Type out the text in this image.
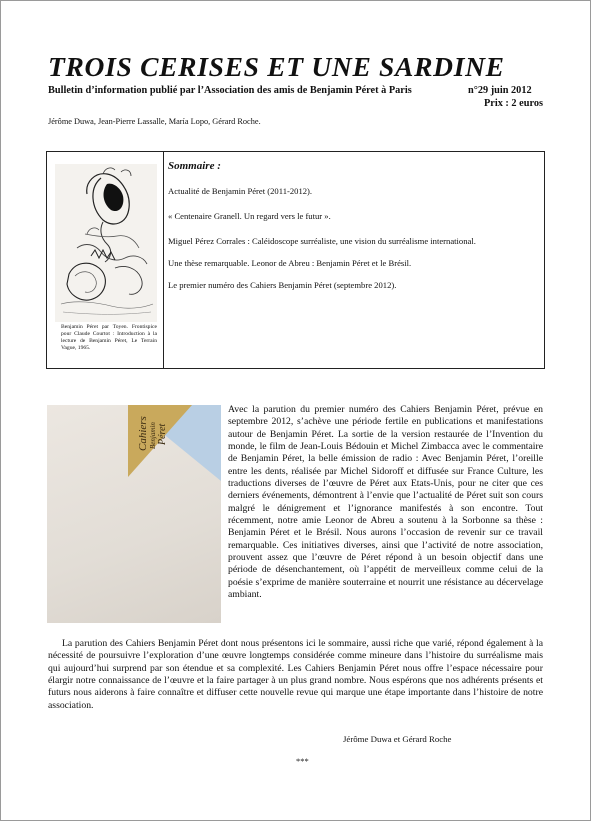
TROIS CERISES ET UNE SARDINE
Bulletin d’information publié par l’Association des amis de Benjamin Péret à Paris	n°29 juin 2012
Prix : 2 euros
Jérôme Duwa, Jean-Pierre Lassalle, María Lopo, Gérard Roche.
Benjamin Péret par Toyen. Frontispice pour Claude Courtot : Introduction à la lecture de Benjamin Péret, Le Terrain Vague, 1965.
Sommaire :
Actualité de Benjamin Péret (2011-2012).
« Centenaire Granell. Un regard vers le futur ».
Miguel Pérez Corrales : Caléidoscope surréaliste, une vision du surréalisme international.
Une thèse remarquable. Leonor de Abreu : Benjamin Péret et le Brésil.
Le premier numéro des Cahiers Benjamin Péret (septembre 2012).
Cahiers Benjamin Péret
Avec la parution du premier numéro des Cahiers Benjamin Péret, prévue en septembre 2012, s’achève une période fertile en publications et manifestations autour de Benjamin Péret. La sortie de la version restaurée de l’Invention du monde, le film de Jean-Louis Bédouin et Michel Zimbacca avec le commentaire de Benjamin Péret, la belle émission de radio : Avec Benjamin Péret, l’oreille entre les dents, réalisée par Michel Sidoroff et diffusée sur France Culture, les traductions diverses de l’œuvre de Péret aux Etats-Unis, pour ne citer que ces derniers événements, démontrent à l’envie que l’actualité de Péret suit son cours malgré le dénigrement et l’ignorance manifestés à son encontre. Tout récemment, notre amie Leonor de Abreu a soutenu à la Sorbonne sa thèse : Benjamin Péret et le Brésil. Nous aurons l’occasion de revenir sur ce travail remarquable. Ces initiatives diverses, ainsi que l’activité de notre association, prouvent assez que l’œuvre de Péret répond à un besoin objectif dans une période de désenchantement, où l’appétit de merveilleux comme celui de la poésie s’exprime de manière souterraine et nourrit une résistance au décervelage ambiant.
La parution des Cahiers Benjamin Péret dont nous présentons ici le sommaire, aussi riche que varié, répond également à la nécessité de poursuivre l’exploration d’une œuvre longtemps considérée comme mineure dans l’histoire du surréalisme mais qui aujourd’hui surprend par son étendue et sa complexité. Les Cahiers Benjamin Péret nous offre l’espace nécessaire pour élargir notre connaissance de l’œuvre et la faire partager à un plus grand nombre. Nous espérons que nos adhérents présents et futurs nous aiderons à faire connaître et diffuser cette nouvelle revue qui marque une étape importante dans l’histoire de notre association.
Jérôme Duwa et Gérard Roche
***
